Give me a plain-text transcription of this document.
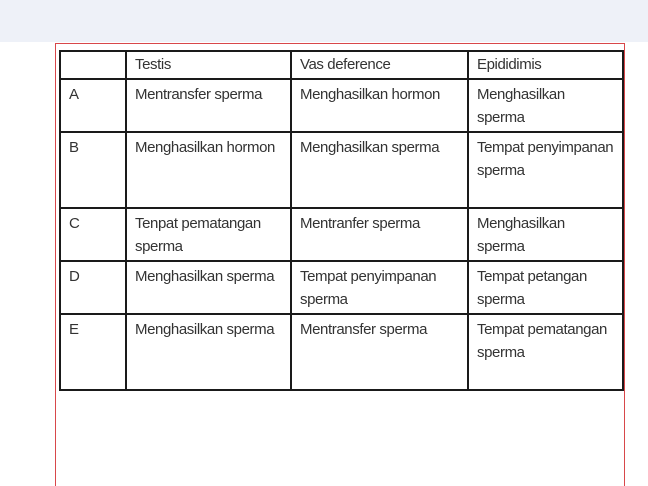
	Testis	Vas deference	Epididimis
A	Mentransfer sperma	Menghasilkan hormon	Menghasilkan sperma
B	Menghasilkan hormon	Menghasilkan sperma	Tempat penyimpanan sperma
C	Tenpat pematangan sperma	Mentranfer sperma	Menghasilkan sperma
D	Menghasilkan sperma	Tempat penyimpanan sperma	Tempat petangan sperma
E	Menghasilkan sperma	Mentransfer sperma	Tempat pematangan sperma
